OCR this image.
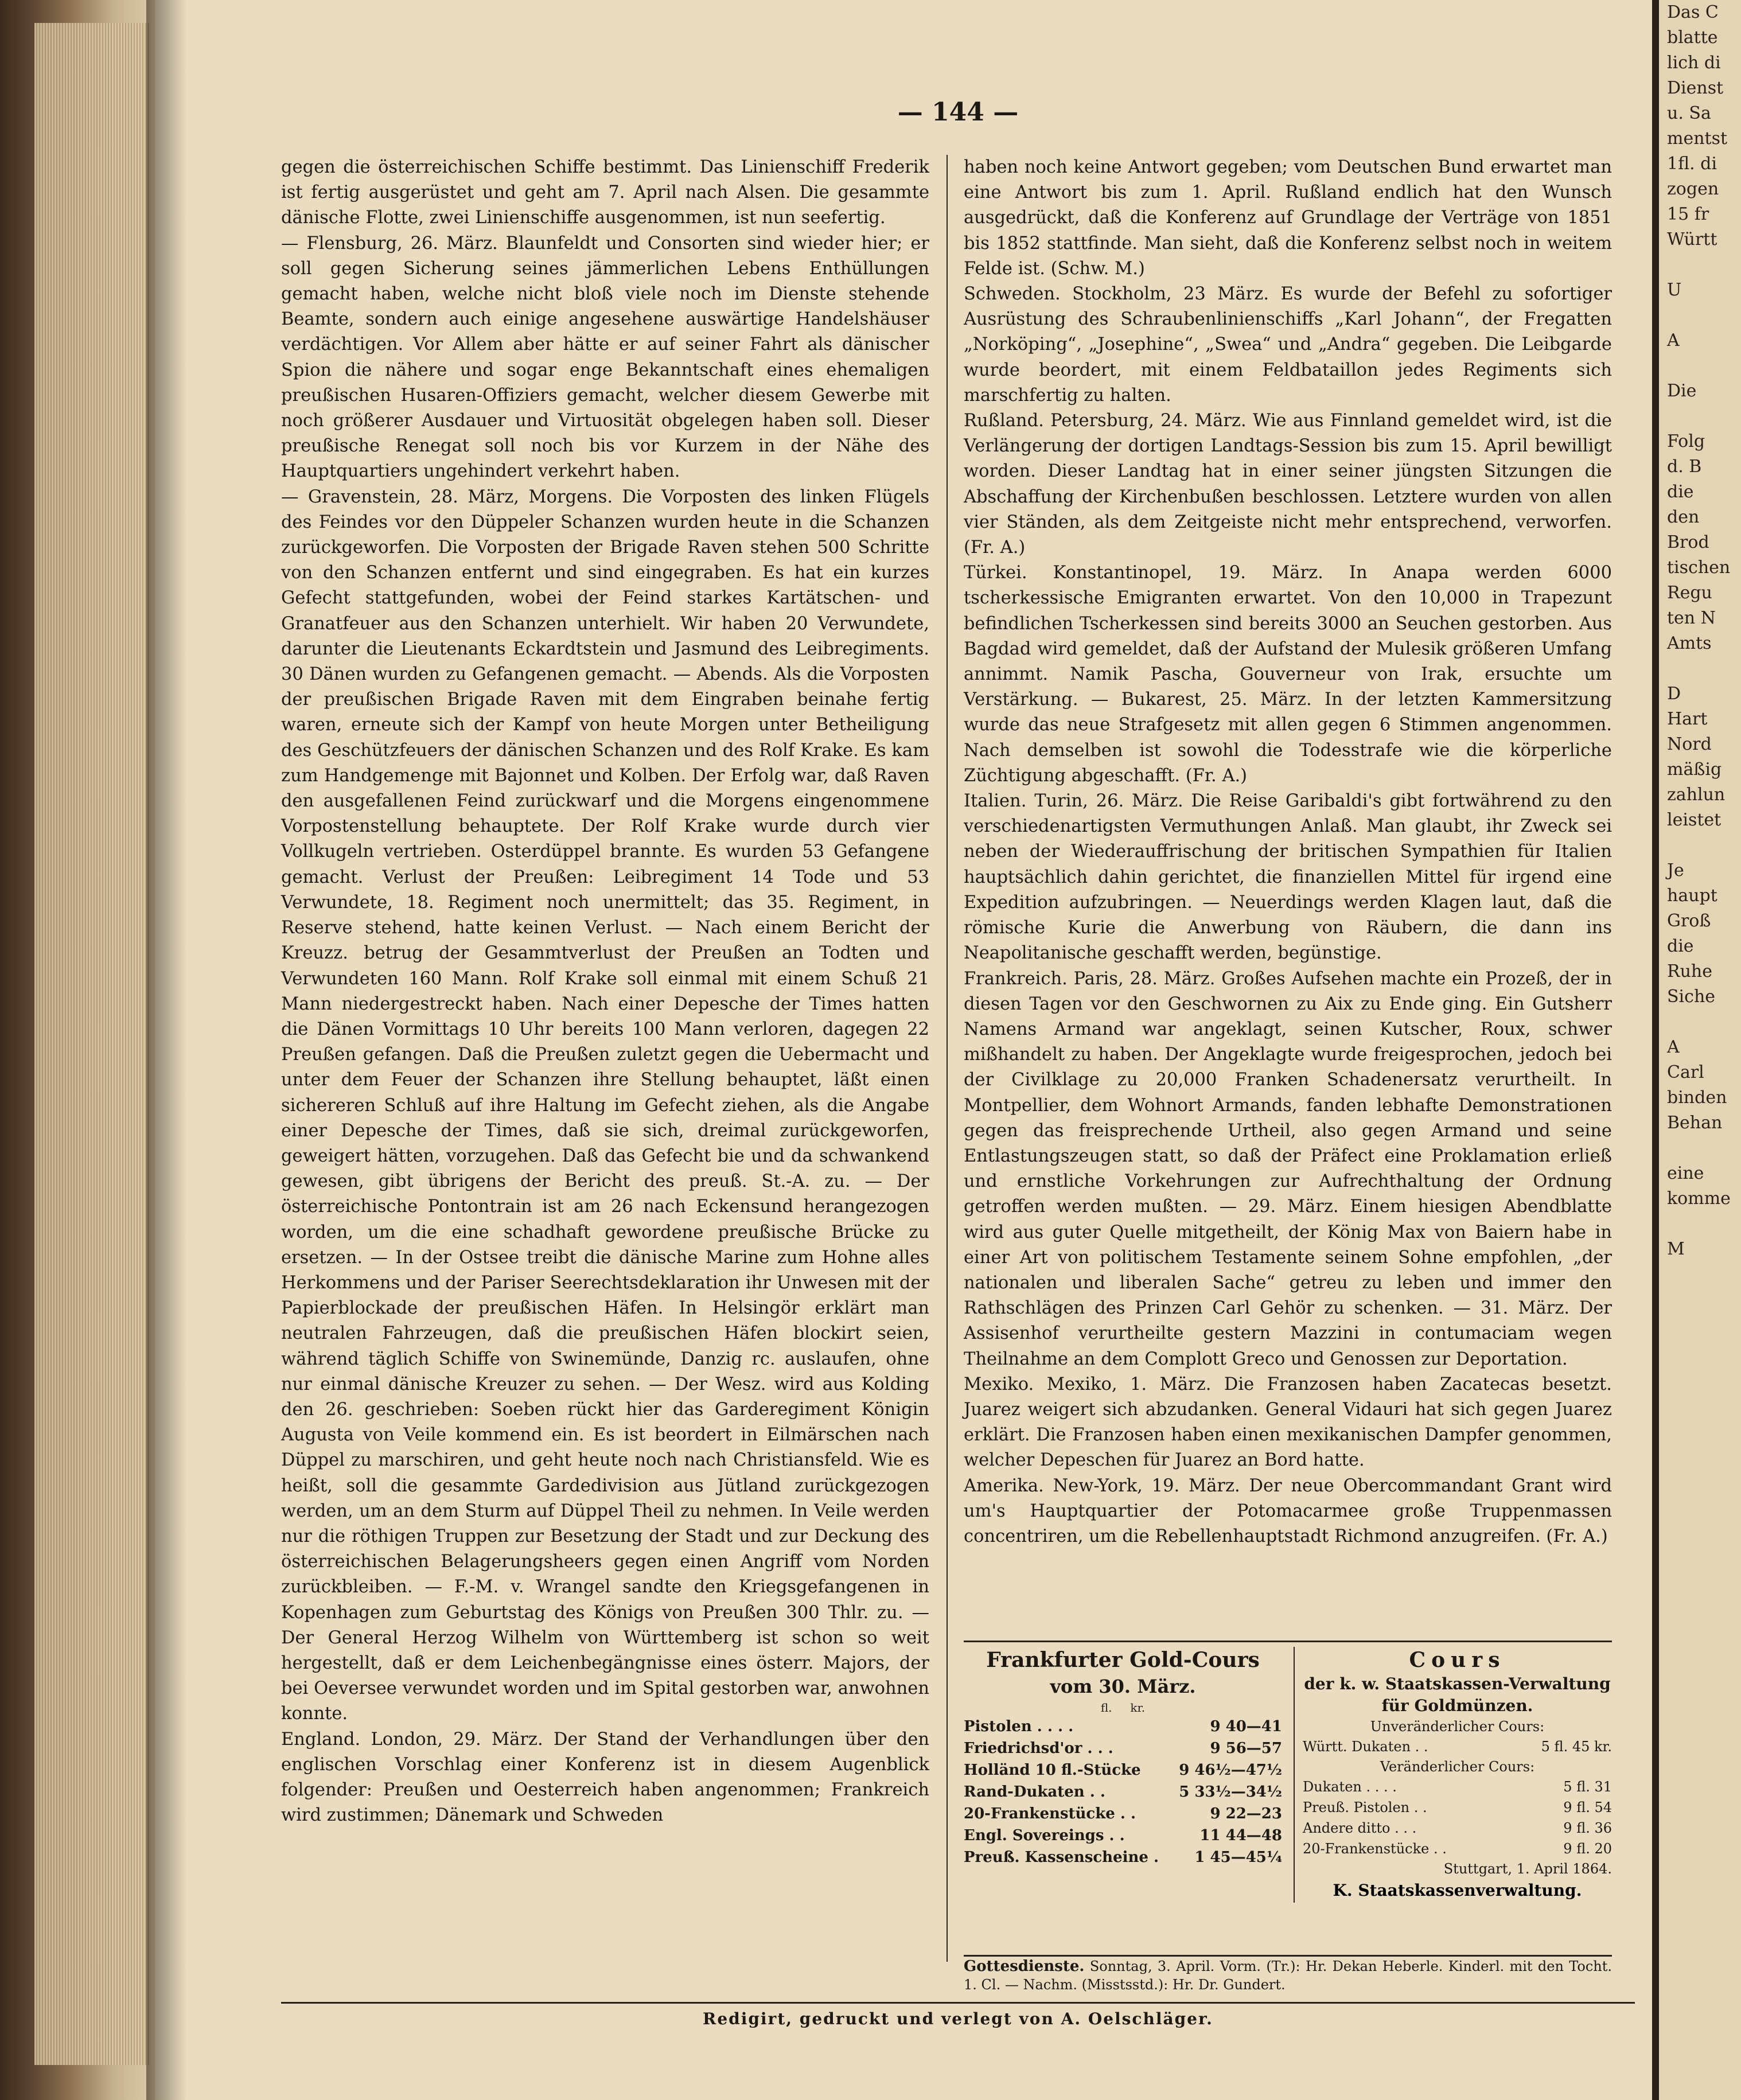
Das C
blatte
lich di
Dienst
u. Sa
mentst
1fl. di
zogen
15 fr
Württ
U
A
Die
Folg
d. B
die
den
Brod
tischen
Regu
ten N
Amts
D
Hart
Nord
mäßig
zahlun
leistet
Je
haupt
Groß
die
Ruhe
Siche
A
Carl
binden
Behan
eine
komme
M
— 144 —

gegen die österreichischen Schiffe bestimmt. Das Linienschiff Frederik ist fertig ausgerüstet und geht am 7. April nach Alsen. Die gesammte dänische Flotte, zwei Linienschiffe ausgenommen, ist nun seefertig.

— Flensburg, 26. März. Blaunfeldt und Consorten sind wieder hier; er soll gegen Sicherung seines jämmerlichen Lebens Enthüllungen gemacht haben, welche nicht bloß viele noch im Dienste stehende Beamte, sondern auch einige angesehene auswärtige Handelshäuser verdächtigen. Vor Allem aber hätte er auf seiner Fahrt als dänischer Spion die nähere und sogar enge Bekanntschaft eines ehemaligen preußischen Husaren-Offiziers gemacht, welcher diesem Gewerbe mit noch größerer Ausdauer und Virtuosität obgelegen haben soll. Dieser preußische Renegat soll noch bis vor Kurzem in der Nähe des Hauptquartiers ungehindert verkehrt haben.

— Gravenstein, 28. März, Morgens. Die Vorposten des linken Flügels des Feindes vor den Düppeler Schanzen wurden heute in die Schanzen zurückgeworfen. Die Vorposten der Brigade Raven stehen 500 Schritte von den Schanzen entfernt und sind eingegraben. Es hat ein kurzes Gefecht stattgefunden, wobei der Feind starkes Kartätschen- und Granatfeuer aus den Schanzen unterhielt. Wir haben 20 Verwundete, darunter die Lieutenants Eckardtstein und Jasmund des Leibregiments. 30 Dänen wurden zu Gefangenen gemacht. — Abends. Als die Vorposten der preußischen Brigade Raven mit dem Eingraben beinahe fertig waren, erneute sich der Kampf von heute Morgen unter Betheiligung des Geschützfeuers der dänischen Schanzen und des Rolf Krake. Es kam zum Handgemenge mit Bajonnet und Kolben. Der Erfolg war, daß Raven den ausgefallenen Feind zurückwarf und die Morgens eingenommene Vorpostenstellung behauptete. Der Rolf Krake wurde durch vier Vollkugeln vertrieben. Osterdüppel brannte. Es wurden 53 Gefangene gemacht. Verlust der Preußen: Leibregiment 14 Tode und 53 Verwundete, 18. Regiment noch unermittelt; das 35. Regiment, in Reserve stehend, hatte keinen Verlust. — Nach einem Bericht der Kreuzz. betrug der Gesammtverlust der Preußen an Todten und Verwundeten 160 Mann. Rolf Krake soll einmal mit einem Schuß 21 Mann niedergestreckt haben. Nach einer Depesche der Times hatten die Dänen Vormittags 10 Uhr bereits 100 Mann verloren, dagegen 22 Preußen gefangen. Daß die Preußen zuletzt gegen die Uebermacht und unter dem Feuer der Schanzen ihre Stellung behauptet, läßt einen sichereren Schluß auf ihre Haltung im Gefecht ziehen, als die Angabe einer Depesche der Times, daß sie sich, dreimal zurückgeworfen, geweigert hätten, vorzugehen. Daß das Gefecht bie und da schwankend gewesen, gibt übrigens der Bericht des preuß. St.-A. zu. — Der österreichische Pontontrain ist am 26 nach Eckensund herangezogen worden, um die eine schadhaft gewordene preußische Brücke zu ersetzen. — In der Ostsee treibt die dänische Marine zum Hohne alles Herkommens und der Pariser Seerechtsdeklaration ihr Unwesen mit der Papierblockade der preußischen Häfen. In Helsingör erklärt man neutralen Fahrzeugen, daß die preußischen Häfen blockirt seien, während täglich Schiffe von Swinemünde, Danzig rc. auslaufen, ohne nur einmal dänische Kreuzer zu sehen. — Der Wesz. wird aus Kolding den 26. geschrieben: Soeben rückt hier das Garderegiment Königin Augusta von Veile kommend ein. Es ist beordert in Eilmärschen nach Düppel zu marschiren, und geht heute noch nach Christiansfeld. Wie es heißt, soll die gesammte Gardedivision aus Jütland zurückgezogen werden, um an dem Sturm auf Düppel Theil zu nehmen. In Veile werden nur die röthigen Truppen zur Besetzung der Stadt und zur Deckung des österreichischen Belagerungsheers gegen einen Angriff vom Norden zurückbleiben. — F.-M. v. Wrangel sandte den Kriegsgefangenen in Kopenhagen zum Geburtstag des Königs von Preußen 300 Thlr. zu. — Der General Herzog Wilhelm von Württemberg ist schon so weit hergestellt, daß er dem Leichenbegängnisse eines österr. Majors, der bei Oeversee verwundet worden und im Spital gestorben war, anwohnen konnte.

England. London, 29. März. Der Stand der Verhandlungen über den englischen Vorschlag einer Konferenz ist in diesem Augenblick folgender: Preußen und Oesterreich haben angenommen; Frankreich wird zustimmen; Dänemark und Schweden

haben noch keine Antwort gegeben; vom Deutschen Bund erwartet man eine Antwort bis zum 1. April. Rußland endlich hat den Wunsch ausgedrückt, daß die Konferenz auf Grundlage der Verträge von 1851 bis 1852 stattfinde. Man sieht, daß die Konferenz selbst noch in weitem Felde ist. (Schw. M.)

Schweden. Stockholm, 23 März. Es wurde der Befehl zu sofortiger Ausrüstung des Schraubenlinienschiffs „Karl Johann“, der Fregatten „Norköping“, „Josephine“, „Swea“ und „Andra“ gegeben. Die Leibgarde wurde beordert, mit einem Feldbataillon jedes Regiments sich marschfertig zu halten.

Rußland. Petersburg, 24. März. Wie aus Finnland gemeldet wird, ist die Verlängerung der dortigen Landtags-Session bis zum 15. April bewilligt worden. Dieser Landtag hat in einer seiner jüngsten Sitzungen die Abschaffung der Kirchenbußen beschlossen. Letztere wurden von allen vier Ständen, als dem Zeitgeiste nicht mehr entsprechend, verworfen. (Fr. A.)

Türkei. Konstantinopel, 19. März. In Anapa werden 6000 tscherkessische Emigranten erwartet. Von den 10,000 in Trapezunt befindlichen Tscherkessen sind bereits 3000 an Seuchen gestorben. Aus Bagdad wird gemeldet, daß der Aufstand der Mulesik größeren Umfang annimmt. Namik Pascha, Gouverneur von Irak, ersuchte um Verstärkung. — Bukarest, 25. März. In der letzten Kammersitzung wurde das neue Strafgesetz mit allen gegen 6 Stimmen angenommen. Nach demselben ist sowohl die Todesstrafe wie die körperliche Züchtigung abgeschafft. (Fr. A.)

Italien. Turin, 26. März. Die Reise Garibaldi's gibt fortwährend zu den verschiedenartigsten Vermuthungen Anlaß. Man glaubt, ihr Zweck sei neben der Wiederauffrischung der britischen Sympathien für Italien hauptsächlich dahin gerichtet, die finanziellen Mittel für irgend eine Expedition aufzubringen. — Neuerdings werden Klagen laut, daß die römische Kurie die Anwerbung von Räubern, die dann ins Neapolitanische geschafft werden, begünstige.

Frankreich. Paris, 28. März. Großes Aufsehen machte ein Prozeß, der in diesen Tagen vor den Geschwornen zu Aix zu Ende ging. Ein Gutsherr Namens Armand war angeklagt, seinen Kutscher, Roux, schwer mißhandelt zu haben. Der Angeklagte wurde freigesprochen, jedoch bei der Civilklage zu 20,000 Franken Schadenersatz verurtheilt. In Montpellier, dem Wohnort Armands, fanden lebhafte Demonstrationen gegen das freisprechende Urtheil, also gegen Armand und seine Entlastungszeugen statt, so daß der Präfect eine Proklamation erließ und ernstliche Vorkehrungen zur Aufrechthaltung der Ordnung getroffen werden mußten. — 29. März. Einem hiesigen Abendblatte wird aus guter Quelle mitgetheilt, der König Max von Baiern habe in einer Art von politischem Testamente seinem Sohne empfohlen, „der nationalen und liberalen Sache“ getreu zu leben und immer den Rathschlägen des Prinzen Carl Gehör zu schenken. — 31. März. Der Assisenhof verurtheilte gestern Mazzini in contumaciam wegen Theilnahme an dem Complott Greco und Genossen zur Deportation.

Mexiko. Mexiko, 1. März. Die Franzosen haben Zacatecas besetzt. Juarez weigert sich abzudanken. General Vidauri hat sich gegen Juarez erklärt. Die Franzosen haben einen mexikanischen Dampfer genommen, welcher Depeschen für Juarez an Bord hatte.

Amerika. New-York, 19. März. Der neue Obercommandant Grant wird um's Hauptquartier der Potomacarmee große Truppenmassen concentriren, um die Rebellenhauptstadt Richmond anzugreifen. (Fr. A.)

Frankfurter Gold-Cours
vom 30. März.
fl. kr.
Pistolen . . . .	9 40—41
Friedrichsd'or . . .	9 56—57
Holländ 10 fl.-Stücke	9 46½—47½
Rand-Dukaten . .	5 33½—34½
20-Frankenstücke . .	9 22—23
Engl. Sovereings . .	11 44—48
Preuß. Kassenscheine . 1 45—45¼
Cours
der k. w. Staatskassen-Verwaltung
für Goldmünzen.
Unveränderlicher Cours:
Württ. Dukaten . .	5 fl. 45 kr.
Veränderlicher Cours:
Dukaten . . . .	5 fl. 31
Preuß. Pistolen . .	9 fl. 54
Andere ditto . . .	9 fl. 36
20-Frankenstücke . .	9 fl. 20
Stuttgart, 1. April 1864.
K. Staatskassenverwaltung.
Gottesdienste. Sonntag, 3. April. Vorm. (Tr.): Hr. Dekan Heberle. Kinderl. mit den Tocht. 1. Cl. — Nachm. (Misstsstd.): Hr. Dr. Gundert.
Redigirt, gedruckt und verlegt von A. Oelschläger.
